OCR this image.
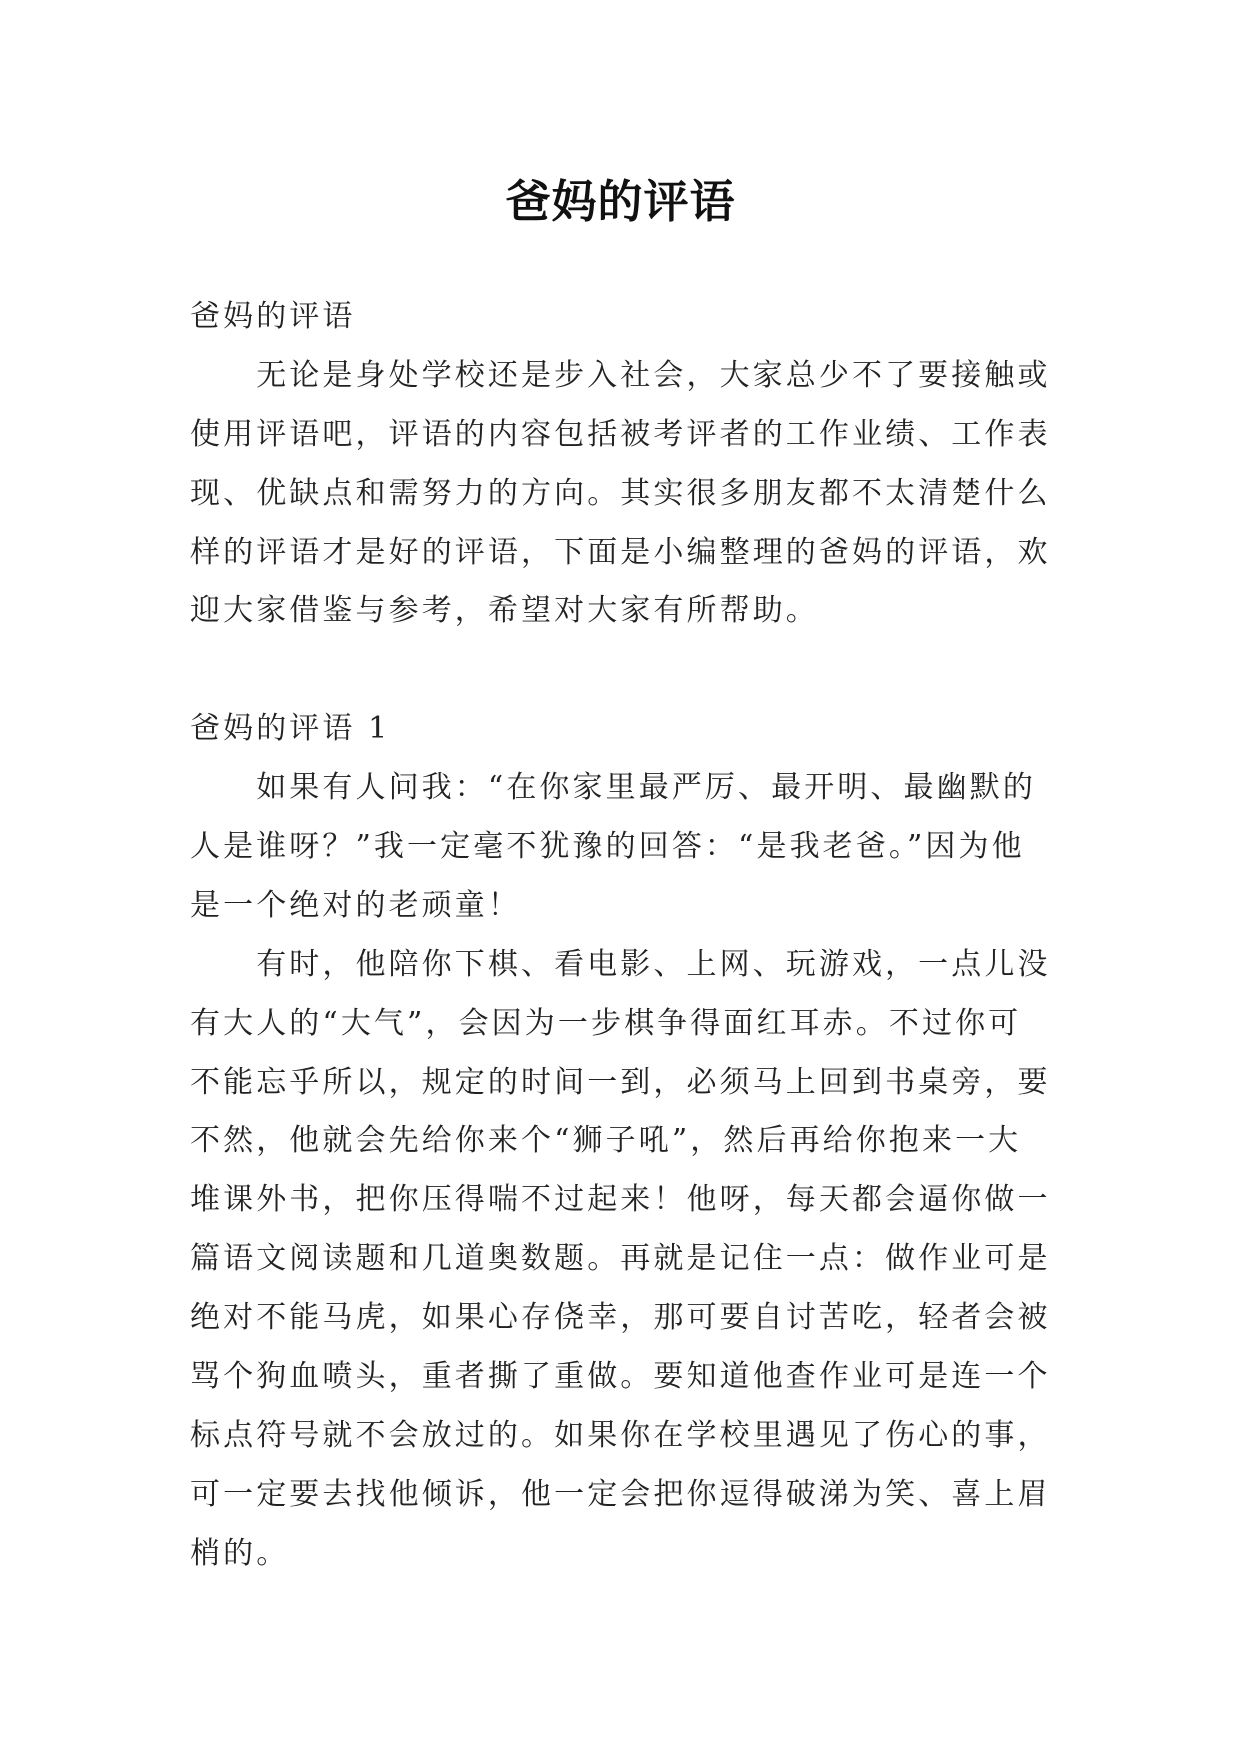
爸妈的评语
爸妈的评语
无论是身处学校还是步入社会，大家总少不了要接触或
使用评语吧，评语的内容包括被考评者的工作业绩、工作表
现、优缺点和需努力的方向。其实很多朋友都不太清楚什么
样的评语才是好的评语，下面是小编整理的爸妈的评语，欢
迎大家借鉴与参考，希望对大家有所帮助。
爸妈的评语 1
如果有人问我：“在你家里最严厉、最开明、最幽默的
人是谁呀？”我一定毫不犹豫的回答：“是我老爸。”因为他
是一个绝对的老顽童！
有时，他陪你下棋、看电影、上网、玩游戏，一点儿没
有大人的“大气”，会因为一步棋争得面红耳赤。不过你可
不能忘乎所以，规定的时间一到，必须马上回到书桌旁，要
不然，他就会先给你来个“狮子吼”，然后再给你抱来一大
堆课外书，把你压得喘不过起来！他呀，每天都会逼你做一
篇语文阅读题和几道奥数题。再就是记住一点：做作业可是
绝对不能马虎，如果心存侥幸，那可要自讨苦吃，轻者会被
骂个狗血喷头，重者撕了重做。要知道他查作业可是连一个
标点符号就不会放过的。如果你在学校里遇见了伤心的事，
可一定要去找他倾诉，他一定会把你逗得破涕为笑、喜上眉
梢的。
